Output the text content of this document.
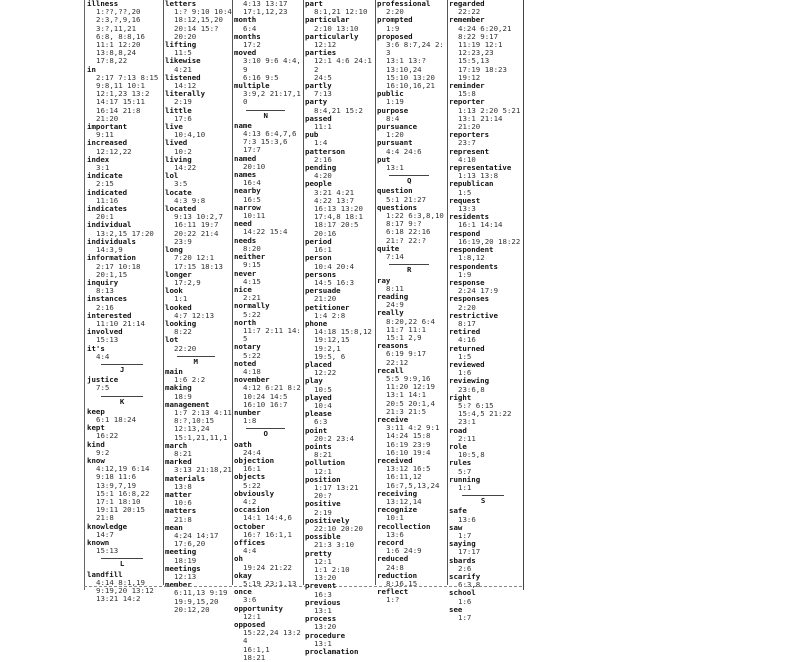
illness
1:??,??,20
2:3,?,9,16
3:?,11,21
6:8, 8:8,16
11:1 12:20
13:8,8,24
17:8,22
in
2:17 7:13 8:15
9:8,11 10:1
12:1,23 13:2
14:17 15:11
16:14 21:8
21:20
important
9:11
increased
12:12,22
index
3:1
indicate
2:15
indicated
11:16
indicates
20:1
individual
13:2,15 17:20
individuals
14:3,9
information
2:17 10:18
20:1,15
inquiry
8:13
instances
2:16
interested
11:10 21:14
involved
15:13
it's
4:4
J
justice
7:5
K
keep
6:1 18:24
kept
16:22
kind
9:2
know
4:12,19 6:14
9:18 11:6
13:9,7,19
15:1 16:8,22
17:1 18:10
19:11 20:15
21:8
knowledge
14:7
known
15:13
L
landfill
4:14 8:1,19
9:19,20 13:12
13:21 14:2
letters
1:? 9:10 10:4
18:12,15,20
20:14 15:?
20:20
lifting
11:5
likewise
4:21
listened
14:12
literally
2:19
little
17:6
live
10:4,10
lived
10:2
living
14:22
lol
3:5
locate
4:3 9:8
located
9:13 10:2,7
16:11 19:7
20:22 21:4
23:9
long
7:20 12:1
17:15 18:13
longer
17:2,9
look
1:1
looked
4:7 12:13
looking
8:22
lot
22:20
M
main
1:6 2:2
making
18:9
management
1:7 2:13 4:11
8:?,10:15
12:13,24
15:1,21,11,1
march
8:21
marked
3:13 21:18,21
materials
13:8
matter
10:6
matters
21:8
mean
4:24 14:17
17:6,20
meeting
18:19
meetings
12:13
member
6:11,13 9:19
19:9,15,20
20:12,20
4:13 13:17
17:1,12,23
month
6:4
months
17:2
moved
3:10 9:6 4:4,9
6:16 9:5
multiple
3:9,2 21:17,10
N
name
4:13 6:4,7,6
7:3 15:3,6
17:7
named
20:10
names
16:4
nearby
16:5
narrow
10:11
need
14:22 15:4
needs
8:20
neither
9:15
never
4:15
nice
2:21
normally
5:22
north
11:7 2:11 14:5
notary
5:22
noted
4:18
november
4:12 6:21 8:2
10:24 14:5
16:10 16:7
number
1:8
O
oath
24:4
objection
16:1
objects
5:22
obviously
4:2
occasion
14:1 14:4,6
october
16:? 16:1,1
offices
4:4
oh
19:24 21:22
okay
5:19 23:1,13
once
3:6
opportunity
12:1
opposed
15:22,24 13:24
16:1,1
18:21
part
8:1,21 12:10
particular
2:10 13:10
particularly
12:12
parties
12:1 4:6 24:12
24:5
partly
7:13
party
8:4,21 15:2
passed
11:1
pub
1:4
patterson
2:16
pending
4:20
people
3:21 4:21
4:22 13:7
16:13 13:20
17:4,8 18:1
18:17 20:5
20:16
period
16:1
person
10:4 20:4
persons
14:5 16:3
persuade
21:20
petitioner
1:4 2:8
phone
14:18 15:8,12
19:12,15
19:2,1
19:5, 6
placed
12:22
play
10:5
played
10:4
please
6:3
point
20:2 23:4
points
8:21
pollution
12:1
position
1:17 13:21
20:?
positive
2:19
positively
22:10 20:20
possible
21:3 3:10
pretty
12:1
1:1 2:10
13:20
prevent
16:3
previous
13:1
process
13:20
procedure
13:1
proclamation
professional
2:20
prompted
1:9
proposed
3:6 8:7,24 2:3
13:1 13:?
13:10,24
15:10 13:20
16:10,16,21
public
1:19
purpose
8:4
pursuance
1:20
pursuant
4:4 24:6
put
13:1
Q
question
5:1 21:27
questions
1:22 6:3,8,10
8:17 9:?
6:18 22:16
21:? 22:?
quite
7:14
R
ray
8:11
reading
24:9
really
8:20,22 6:4
11:7 11:1
15:1 2,9
reasons
6:19 9:17
22:12
recall
5:5 9:9,16
11:20 12:19
13:1 14:1
20:5 20:1,4
21:3 21:5
receive
3:11 4:2 9:1
14:24 15:8
16:19 23:9
16:10 19:4
received
13:12 16:5
16:11,12
16:7,5,13,24
receiving
13:12,14
recognize
10:1
recollection
13:6
record
1:6 24:9
reduced
24:8
reduction
8:16,15
reflect
1:?
regarded
22:22
remember
4:24 6:20,21
8:22 9:17
11:19 12:1
12:23,23
15:5,13
17:19 18:23
19:12
reminder
15:8
reporter
1:13 2:20 5:21
13:1 21:14
21:20
reporters
23:7
represent
4:10
representative
1:13 13:8
republican
1:5
request
13:3
residents
16:1 14:14
respond
16:19,20 18:22
respondent
1:8,12
respondents
1:9
response
2:24 17:9
responses
2:20
restrictive
8:17
retired
4:16
returned
1:5
reviewed
1:6
reviewing
23:6,8
right
5:? 6:15
15:4,5 21:22
23:1
road
2:11
role
10:5,8
rules
5:7
running
1:1
S
safe
13:6
saw
1:7
saying
17:17
sbards
2:6
scarify
6:3,8
school
1:6
see
1:7
